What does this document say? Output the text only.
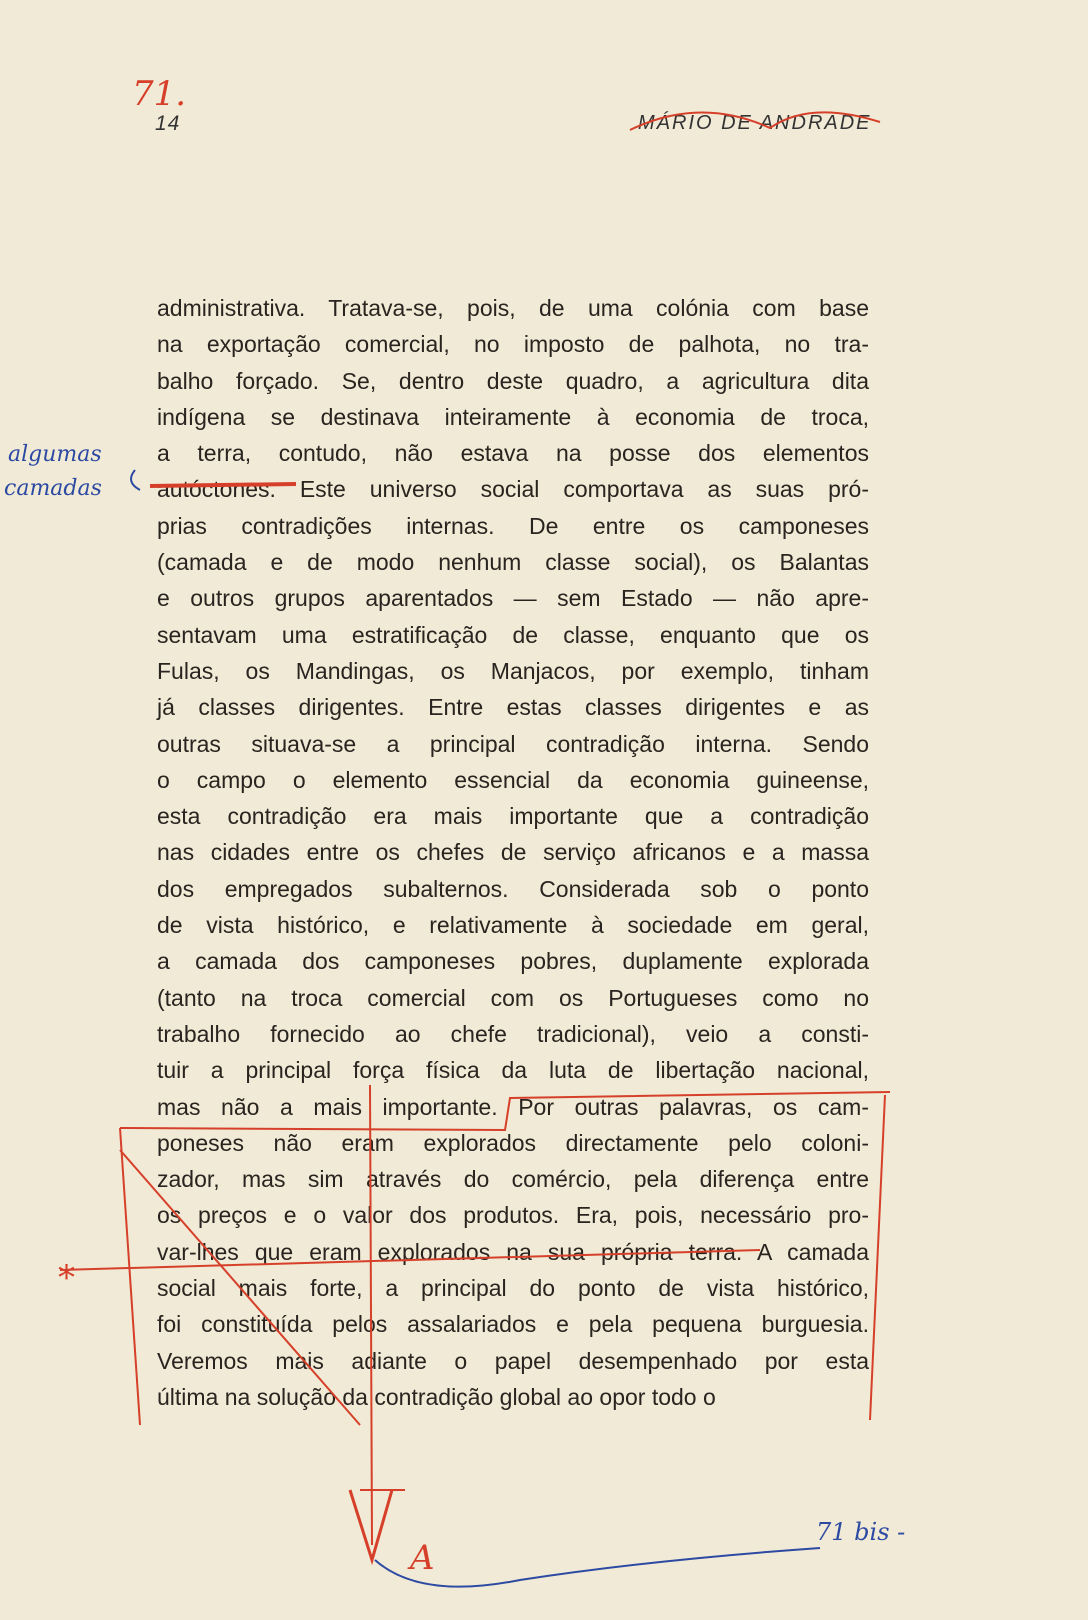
14	MÁRIO DE ANDRADE
administrativa. Tratava-se, pois, de uma colónia com base
na exportação comercial, no imposto de palhota, no tra-
balho forçado. Se, dentro deste quadro, a agricultura dita
indígena se destinava inteiramente à economia de troca,
a terra, contudo, não estava na posse dos elementos
autóctones. Este universo social comportava as suas pró-
prias contradições internas. De entre os camponeses
(camada e de modo nenhum classe social), os Balantas
e outros grupos aparentados — sem Estado — não apre-
sentavam uma estratificação de classe, enquanto que os
Fulas, os Mandingas, os Manjacos, por exemplo, tinham
já classes dirigentes. Entre estas classes dirigentes e as
outras situava-se a principal contradição interna. Sendo
o campo o elemento essencial da economia guineense,
esta contradição era mais importante que a contradição
nas cidades entre os chefes de serviço africanos e a massa
dos empregados subalternos. Considerada sob o ponto
de vista histórico, e relativamente à sociedade em geral,
a camada dos camponeses pobres, duplamente explorada
(tanto na troca comercial com os Portugueses como no
trabalho fornecido ao chefe tradicional), veio a consti-
tuir a principal força física da luta de libertação nacional,
mas não a mais importante. Por outras palavras, os cam-
poneses não eram explorados directamente pelo coloni-
zador, mas sim através do comércio, pela diferença entre
os preços e o valor dos produtos. Era, pois, necessário pro-
var-lhes que eram explorados na sua própria terra. A camada
social mais forte, a principal do ponto de vista histórico,
foi constituída pelos assalariados e pela pequena burguesia.
Veremos mais adiante o papel desempenhado por esta
última na solução da contradição global ao opor todo o
71.
algumas
camadas
*
A
71 bis -
